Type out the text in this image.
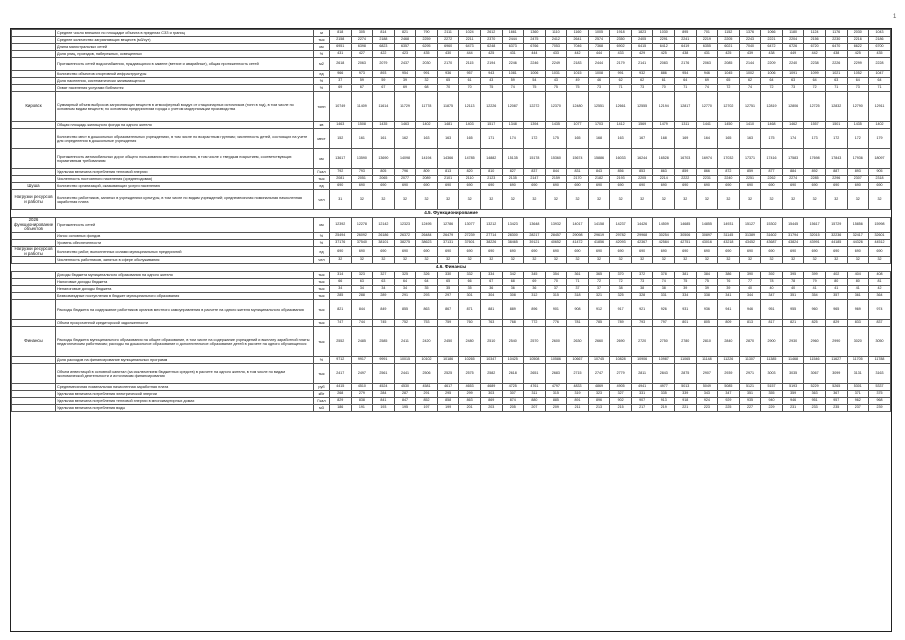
1
	Среднее число внешних по площадке объекта в пределах СЗЗ и границ	м	818	305	814	821	790	2111	1024	2612	1661	1360	1110	1160	1005	1918	1823	1030	895	701	1152	1376	1066	1180	1124	1176	2030	1043
	Среднее количество загрязняющих веществ (м3/сут)	тыс	2158	2274	2188	2468	2259	2272	2211	2370	2444	2475	2412	2641	2574	2350	2405	2291	2241	2219	2205	2243	2221	2204	2156	2230	2216	2186
	Длина магистральных сетей	км	6951	6398	6823	6357	6295	6960	6473	6248	6373	6766	7053	7046	7368	6902	6415	6412	6419	6355	6021	7040	6472	6726	6720	6470	6622	6700
	Доля улиц, проездов, набережных, освещенных	%	431	427	422	423	435	430	444	425	431	444	433	442	444	433	429	425	438	431	425	439	438	449	442	438	425	435
	Протяженность сетей водоснабжения, нуждающихся в замене (ветхие и аварийные), общая протяженность сетей	м2	2618	2063	2079	2437	2030	2170	2115	2194	2246	2246	2249	2183	2444	2179	2141	2083	2176	2063	2085	2144	2209	2240	2238	2226	2299	2228
	Количество объектов спортивной инфраструктуры	ед	966	973	893	954	991	936	957	943	1081	1006	1031	1015	1008	991	932	886	954	946	1045	1002	1006	1091	1099	1021	1052	1047
	Доля населения, систематически занимающегося	%	37	59	59	39	32	65	61	43	59	54	43	49	46	62	62	61	64	69	65	62	64	63	64	63	64	64
	Охват населения услугами библиотек	%	69	67	67	69	68	70	70	75	74	75	75	75	73	71	73	70	71	74	72	74	72	73	72	71	73	71
Кировск	Суммарный объем выбросов загрязняющих веществ в атмосферный воздух от стационарных источников (тонн в год), в том числе по основным видам веществ; по основным предприятиям города с учетом модернизации производства	тонн	10749	11409	11614	11729	11778	11875	12113	12226	12087	12272	12370	12480	12551	12661	12555	12194	12817	12770	12702	12751	12819	12806	12725	12832	12790	12911
	Общая площадь жилищного фонда на одного жителя	кв	1463	1508	1435	1463	1402	1481	1403	1517	1348	1394	1435	1077	1703	1412	1569	1479	1311	1441	1450	1410	1468	1462	1557	1501	1435	1402
	Количество мест в дошкольных образовательных учреждениях, в том числе по возрастным группам; численность детей, состоящих на учете для определения в дошкольные учреждения	мест	152	161	161	162	163	163	165	171	174	172	175	165	168	163	167	168	169	164	165	163	175	174	173	172	172	179
	Протяженность автомобильных дорог общего пользования местного значения, в том числе с твердым покрытием, соответствующих нормативным требованиям	км	13617	13590	13690	14098	14194	14366	14785	14882	15135	15178	15360	15674	15886	16033	16244	16528	16703	16974	17032	17371	17416	17583	17698	17843	17936	18097
	Удельная величина потребления тепловой энергии	Гкал	792	793	805	796	809	813	820	810	827	837	844	831	843	856	853	863	859	866	872	859	877	884	892	887	893	905
	Численность постоянного населения (среднегодовая)	тыс	2081	2051	2065	2077	2089	2101	2110	2123	2135	2147	2159	2170	2182	2193	2205	2214	2222	2231	2240	2251	2262	2274	2285	2296	2307	2318
Шуша	Количество организаций, оказывающих услуги населению	ед	690	690	690	690	690	690	690	690	690	690	690	690	690	690	690	690	690	690	690	690	690	690	690	690	690	690
Нагрузки ресурсов и работы	Количество работников, занятых в учреждениях культуры, в том числе по видам учреждений; среднемесячная номинальная начисленная заработная плата	чел	31	32	32	32	32	32	32	32	32	32	32	32	32	32	32	32	32	32	32	32	32	32	32	32	32	32
4.5. Функционирование																												
2026 функционирование объектов	Протяженность сетей	км	12392	12278	12142	12323	12495	12786	13077	13212	13423	13648	13932	14017	14158	14237	14426	14509	14685	14855	14931	15127	15302	15445	15617	15729	15856	15998
	Износ основных фондов	%	25494	26092	26186	26372	26484	26479	27239	27714	28300	28217	28457	29098	29619	29782	29968	30254	30506	30897	31145	31389	31602	31794	32015	32236	32417	32601
	Уровень обеспеченности	%	37176	37540	38101	38275	38623	37131	37601	38226	38465	39121	40652	41472	41856	42093	42367	42584	42751	43016	43218	43452	43687	43824	43991	44185	44326	44512
Нагрузки ресурсов и работы	Количество работ, выполненных силами муниципальных предприятий	ед	690	690	690	690	690	690	690	690	690	690	690	690	690	690	690	690	690	690	690	690	690	690	690	690	690	690
	Численность работников, занятых в сфере обслуживания	чел	32	32	32	32	32	32	32	32	32	32	32	32	32	32	32	32	32	32	32	32	32	32	32	32	32	32
4.6. Финансы																												
	Доходы бюджета муниципального образования на одного жителя	тыс	314	323	327	325	326	330	332	334	342	345	354	361	365	370	372	378	381	384	386	390	392	395	399	402	404	408
	Налоговые доходы бюджета	тыс	66	63	63	64	64	65	66	67	68	69	70	71	72	72	73	74	75	75	76	77	78	78	79	80	80	81
	Неналоговые доходы бюджета	тыс	34	34	34	34	35	35	35	36	36	36	37	37	37	38	38	38	39	39	39	40	40	40	41	41	41	42
	Безвозмездные поступления в бюджет муниципального образования	тыс	285	288	289	291	293	297	301	304	308	312	315	318	321	325	328	331	334	338	341	344	347	351	354	357	361	364
	Расходы бюджета на содержание работников органов местного самоуправления в расчете на одного жителя муниципального образования	тыс	821	844	849	855	863	867	871	881	889	896	901	908	912	917	921	926	931	936	941	946	951	955	960	965	969	974
	Объем просроченной кредиторской задолженности	тыс	747	744	745	752	753	759	760	763	768	772	776	781	785	789	793	797	801	805	809	813	817	821	825	829	833	837
Финансы	Расходы бюджета муниципального образования на общее образование, в том числе на содержание учреждений и выплату заработной платы педагогическим работникам; расходы на дошкольное образование и дополнительное образование детей в расчете на одного обучающегося	тыс	2552	2485	2585	2411	2420	2450	2480	2510	2540	2570	2600	2630	2660	2690	2720	2750	2780	2810	2840	2870	2900	2930	2960	2990	3020	3050
	Доля расходов на финансирование муниципальных программ	%	9712	9917	9991	10015	10102	10186	10265	10347	10425	10508	10586	10667	10745	10828	10906	10987	11065	11148	11226	11307	11385	11468	11546	11627	11705	11788
	Объем инвестиций в основной капитал (за исключением бюджетных средств) в расчете на одного жителя, в том числе по видам экономической деятельности и источникам финансирования	тыс	2417	2497	2561	2441	2506	2525	2575	2582	2618	2651	2683	2715	2747	2779	2811	2843	2875	2907	2939	2971	3003	3035	3067	3099	3131	3163
	Среднемесячная номинальная начисленная заработная плата	руб	4415	4510	4524	4530	4581	4617	4653	4689	4725	4761	4797	4833	4869	4905	4941	4977	5013	5049	5085	5121	5157	5193	5229	5265	5301	5337
	Удельная величина потребления электрической энергии	кВт	268	279	284	287	291	295	299	303	307	311	315	319	323	327	331	335	339	343	347	351	355	359	363	367	371	375
	Удельная величина потребления тепловой энергии в многоквартирных домах	Гкал	829	838	841	847	852	858	863	869	874	880	885	891	896	902	907	913	918	924	929	935	940	946	951	957	962	968
	Удельная величина потребления воды	м3	186	191	193	195	197	199	201	203	205	207	209	211	213	215	217	219	221	223	225	227	229	231	233	235	237	239
